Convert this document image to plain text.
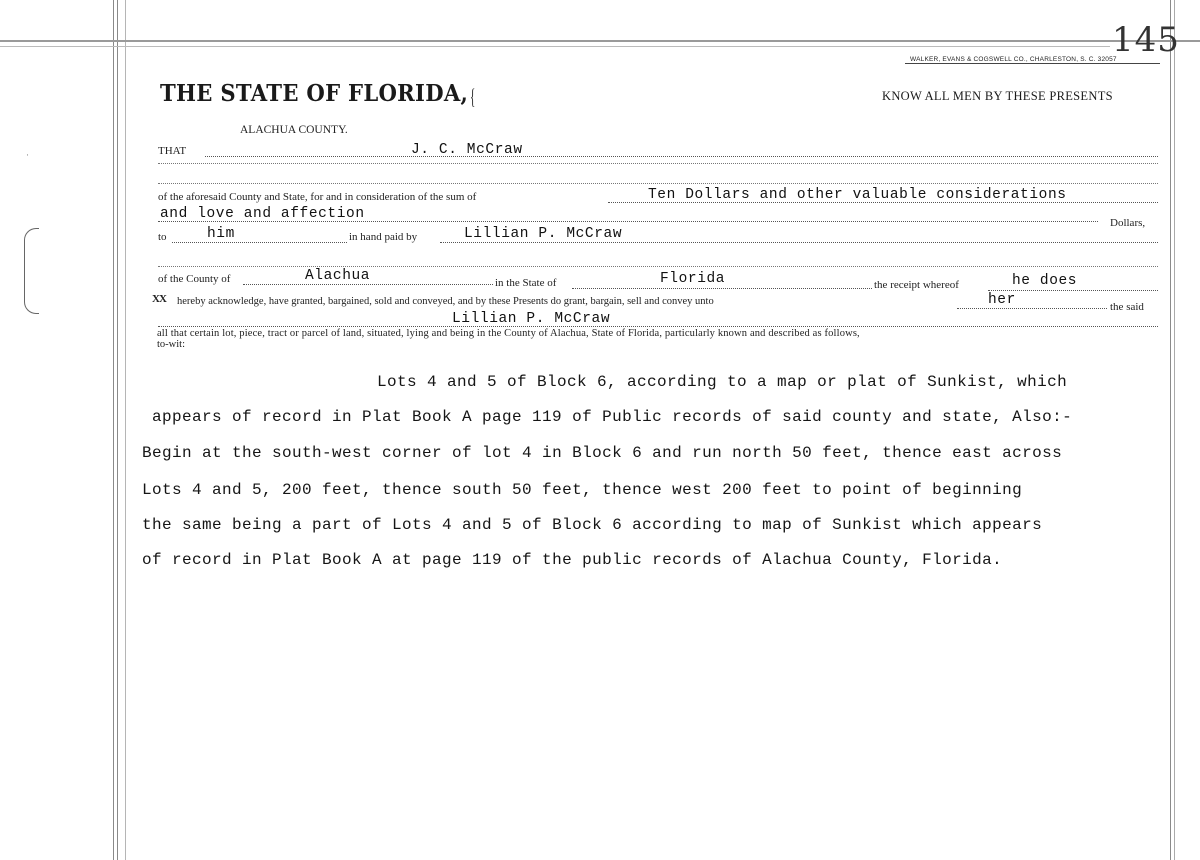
·
145
WALKER, EVANS & COGSWELL CO., CHARLESTON, S. C. 32057
THE STATE OF FLORIDA, {
ALACHUA COUNTY.
KNOW ALL MEN BY THESE PRESENTS
THAT	J. C. McCraw
of the aforesaid County and State, for and in consideration of the sum of	Ten Dollars and other valuable considerations
and love and affection
Dollars,
to	him	in hand paid by	Lillian P. McCraw
of the County of	Alachua	in the State of	Florida	the receipt whereof	he does
XX hereby acknowledge, have granted, bargained, sold and conveyed, and by these Presents do grant, bargain, sell and convey unto	her	the said
Lillian P. McCraw
all that certain lot, piece, tract or parcel of land, situated, lying and being in the County of Alachua, State of Florida, particularly known and described as follows,
to-wit:
Lots 4 and 5 of Block 6, according to a map or plat of Sunkist, which
appears of record in Plat Book A page 119 of Public records of said county and state, Also:-
Begin at the south-west corner of lot 4 in Block 6 and run north 50 feet, thence east across
Lots 4 and 5, 200 feet, thence south 50 feet, thence west 200 feet to point of beginning
the same being a part of Lots 4 and 5 of Block 6 according to map of Sunkist which appears
of record in Plat Book A at page 119 of the public records of Alachua County, Florida.
